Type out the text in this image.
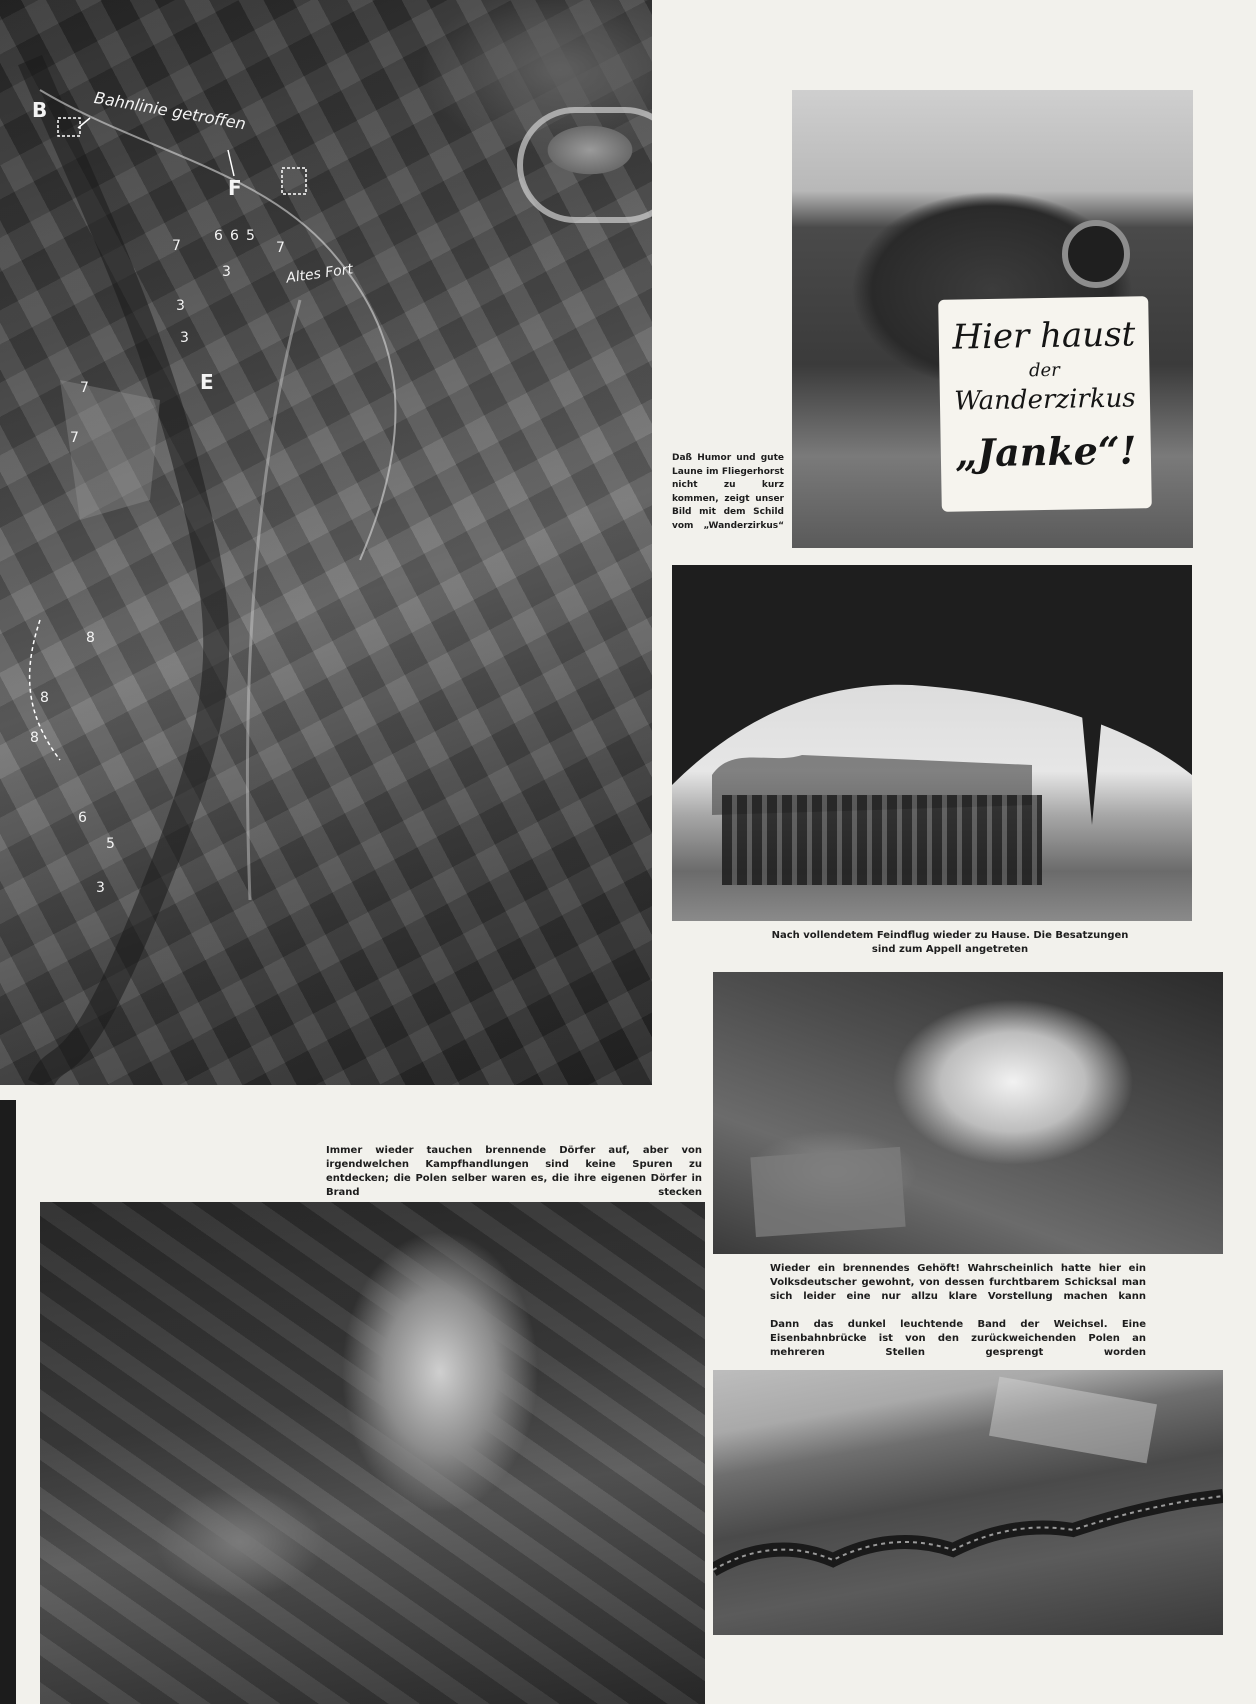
B	Bahnlinie getroffen
F
6 6 5
7	7
3	Altes Fort
3
3
E
7
7
8
8
8
6
5
3
Hier haust
der
Wanderzirkus
„Janke“!
Daß Humor und gute Laune im Fliegerhorst nicht zu kurz kommen, zeigt unser Bild mit dem Schild vom „Wanderzirkus“
Nach vollendetem Feindflug wieder zu Hause. Die Besatzungen sind zum Appell angetreten
Wieder ein brennendes Gehöft! Wahrscheinlich hatte hier ein Volksdeutscher gewohnt, von dessen furchtbarem Schicksal man sich leider eine nur allzu klare Vorstellung machen kann
Dann das dunkel leuchtende Band der Weichsel. Eine Eisenbahnbrücke ist von den zurückweichenden Polen an mehreren Stellen gesprengt worden
Immer wieder tauchen brennende Dörfer auf, aber von irgendwelchen Kampfhandlungen sind keine Spuren zu entdecken; die Polen selber waren es, die ihre eigenen Dörfer in Brand stecken
